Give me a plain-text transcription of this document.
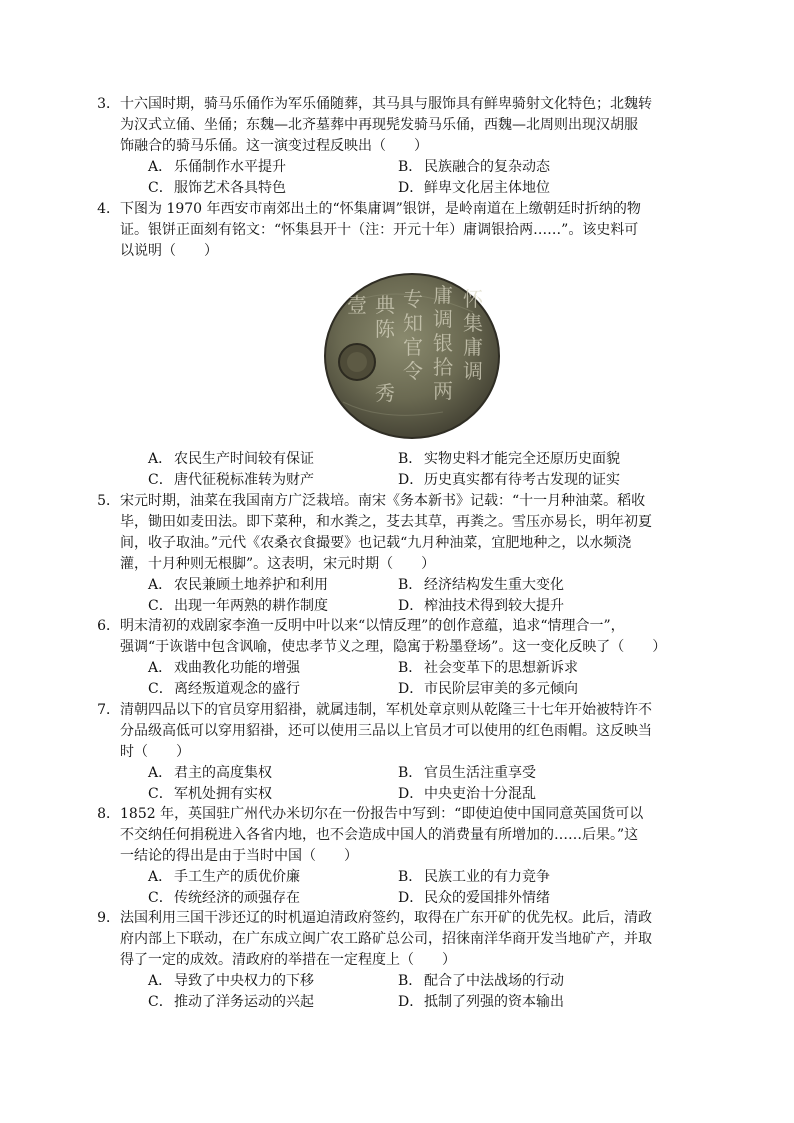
3．十六国时期，骑马乐俑作为军乐俑随葬，其马具与服饰具有鲜卑骑射文化特色；北魏转
为汉式立俑、坐俑；东魏—北齐墓葬中再现髡发骑马乐俑，西魏—北周则出现汉胡服
饰融合的骑马乐俑。这一演变过程反映出（　　）

A． 乐俑制作水平提升	B． 民族融合的复杂动态
C．服饰艺术各具特色	D．鲜卑文化居主体地位

4．下图为 1970 年西安市南郊出土的“怀集庸调”银饼，是岭南道在上缴朝廷时折纳的物
证。银饼正面刻有铭文：“怀集县开十（注：开元十年）庸调银拾两……”。该史料可
以说明（　　）

怀
集
庸
调
庸
调
银
拾
两
专
知
官
令
典
陈
秀
壹
A． 农民生产时间较有保证	B． 实物史料才能完全还原历史面貌
C．唐代征税标准转为财产	D．历史真实都有待考古发现的证实

5．宋元时期，油菜在我国南方广泛栽培。南宋《务本新书》记载：“十一月种油菜。稻收
毕，锄田如麦田法。即下菜种，和水粪之，芟去其草，再粪之。雪压亦易长，明年初夏
间，收子取油。”元代《农桑衣食撮要》也记载“九月种油菜，宜肥地种之，以水频浇
灌，十月种则无根脚”。这表明，宋元时期（　　）

A． 农民兼顾土地养护和利用	B． 经济结构发生重大变化
C．出现一年两熟的耕作制度	D．榨油技术得到较大提升

6．明末清初的戏剧家李渔一反明中叶以来“以情反理”的创作意蕴，追求“情理合一”，
强调“于诙谐中包含讽喻，使忠孝节义之理，隐寓于粉墨登场”。这一变化反映了（　　）

A． 戏曲教化功能的增强	B． 社会变革下的思想新诉求
C．离经叛道观念的盛行	D．市民阶层审美的多元倾向

7．清朝四品以下的官员穿用貂褂，就属违制，军机处章京则从乾隆三十七年开始被特许不
分品级高低可以穿用貂褂，还可以使用三品以上官员才可以使用的红色雨帽。这反映当
时（　　）

A． 君主的高度集权	B． 官员生活注重享受
C．军机处拥有实权	D．中央吏治十分混乱

8．1852 年，英国驻广州代办米切尔在一份报告中写到：“即使迫使中国同意英国货可以
不交纳任何捐税进入各省内地，也不会造成中国人的消费量有所增加的……后果。”这
一结论的得出是由于当时中国（　　）

A． 手工生产的质优价廉	B． 民族工业的有力竞争
C．传统经济的顽强存在	D．民众的爱国排外情绪

9．法国利用三国干涉还辽的时机逼迫清政府签约，取得在广东开矿的优先权。此后，清政
府内部上下联动，在广东成立闽广农工路矿总公司，招徕南洋华商开发当地矿产，并取
得了一定的成效。清政府的举措在一定程度上（　　）

A． 导致了中央权力的下移	B． 配合了中法战场的行动
C．推动了洋务运动的兴起	D．抵制了列强的资本输出
